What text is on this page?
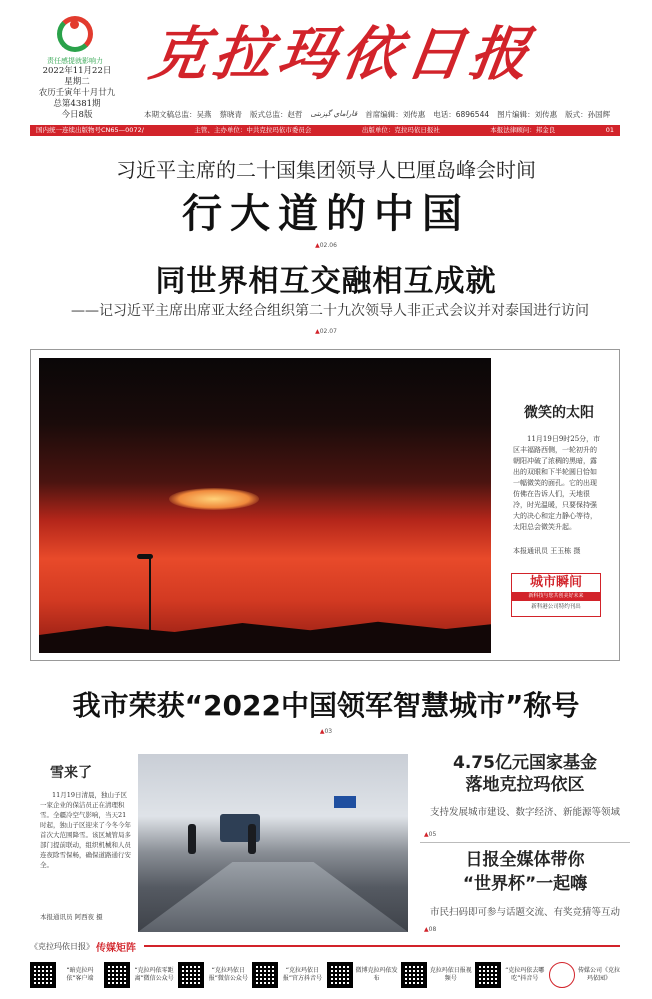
责任感提就影响力
2022年11月22日
星期二
农历壬寅年十月廿九
总第4381期
今日8版
克拉玛依日报
本期文稿总监：吴燕 蔡晓青 版式总监：赵哲 قاراماي گېزىتى 首席编辑：刘传惠 电话：6896544 图片编辑：刘传惠 版式：孙国辉
国内统一连续出版物号CN65—0072/	主管、主办单位：中共克拉玛依市委员会	出版单位：克拉玛依日报社	本报法律顾问：邦金良	01
习近平主席的二十国集团领导人巴厘岛峰会时间
行大道的中国
▲02.06
同世界相互交融相互成就
——记习近平主席出席亚太经合组织第二十九次领导人非正式会议并对泰国进行访问
▲02.07
微笑的太阳
11月19日9时25分，市区丰福路西侧，一轮初升的朝阳冲破了浓稠的黑暗，露出的双眼和下半轮圆日恰如一幅微笑的面孔。它的出现仿佛在告诉人们，天地很冷，时光温暖，只要保持强大的决心和定力静心等待，太阳总会微笑升起。
本报通讯员 王玉栋 摄
城市瞬间
新科技与您共创美好未来
新科港公司特约刊出
我市荣获“2022中国领军智慧城市”称号
▲03
雪来了
11月19日清晨，独山子区一家企业的保洁员正在清理积雪。全疆冷空气影响，当天21时起，独山子区迎来了今冬今年首次大范围降雪。该区城管局多部门提前联动，组织机械和人员连夜除雪保畅，确保道路通行安全。
本报通讯员 阿西夜 摄
4.75亿元国家基金
落地克拉玛依区
支持发展城市建设、数字经济、新能源等领域
▲05
日报全媒体带你
“世界杯”一起嗨
市民扫码即可参与话题交流、有奖竞猜等互动
▲08
《克拉玛依日报》 传媒矩阵
“暗克拉玛依”客户端
“克拉玛依零距离”微信公众号
“克拉玛依日报”微信公众号
“克拉玛依日报”官方抖音号
微博克拉玛依发布
克拉玛依日报视频号
“克拉玛依去哪吃”抖音号
传媒公司《克拉玛依园》
